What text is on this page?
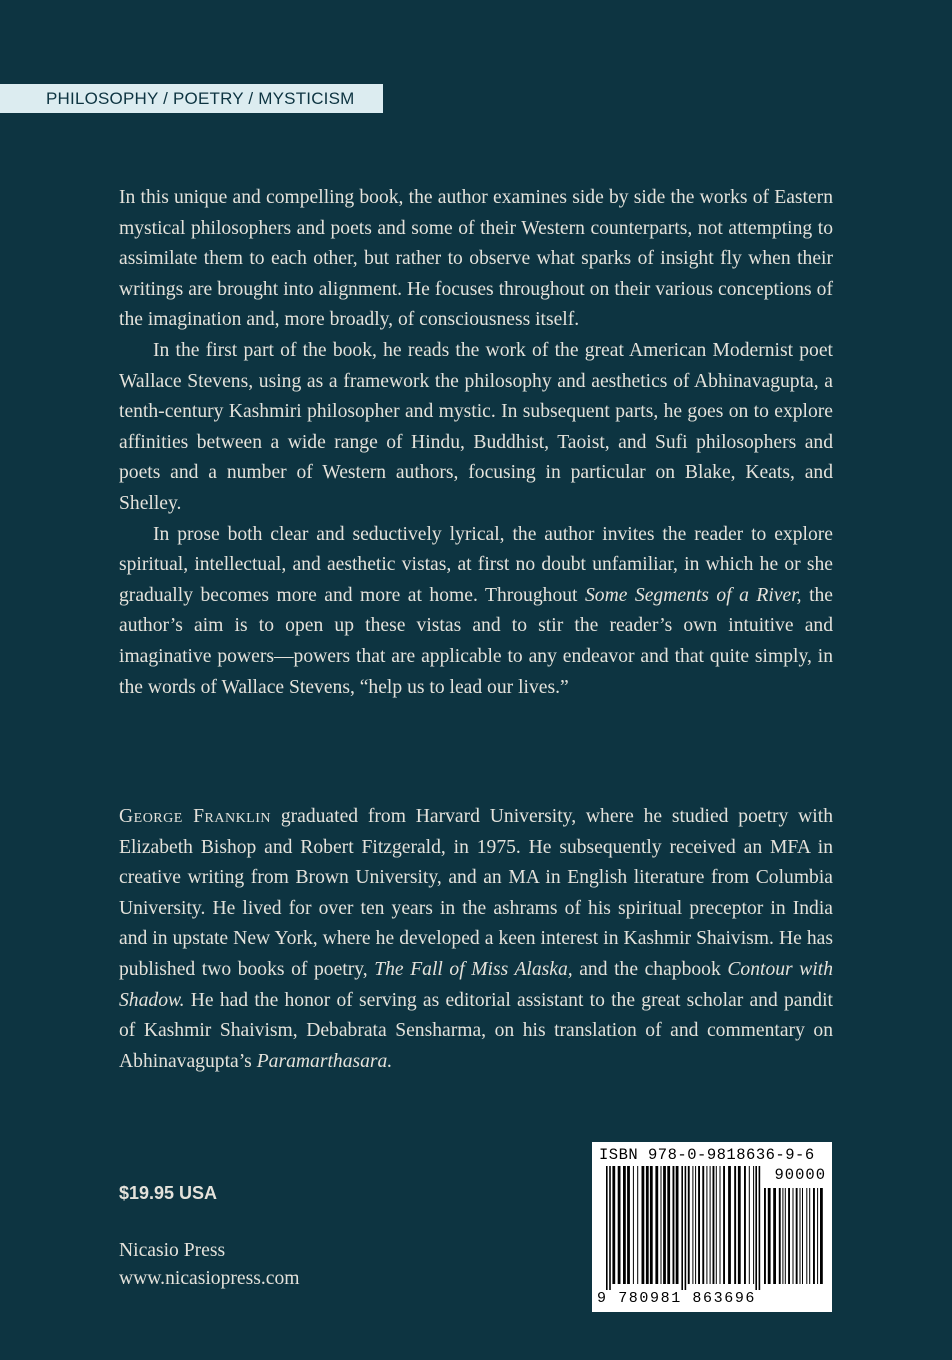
PHILOSOPHY / POETRY / MYSTICISM

In this unique and compelling book, the author examines side by side the works of Eastern mystical philosophers and poets and some of their Western counterparts, not attempting to assimilate them to each other, but rather to observe what sparks of insight fly when their writings are brought into alignment. He focuses throughout on their various conceptions of the imagination and, more broadly, of consciousness itself.

In the first part of the book, he reads the work of the great American Modernist poet Wallace Stevens, using as a framework the philosophy and aesthetics of Abhinavagupta, a tenth-century Kashmiri philosopher and mystic. In subsequent parts, he goes on to explore affinities between a wide range of Hindu, Buddhist, Taoist, and Sufi philosophers and poets and a number of Western authors, focusing in particular on Blake, Keats, and Shelley.

In prose both clear and seductively lyrical, the author invites the reader to explore spiritual, intellectual, and aesthetic vistas, at first no doubt unfamiliar, in which he or she gradually becomes more and more at home. Throughout Some Segments of a River, the author’s aim is to open up these vistas and to stir the reader’s own intuitive and imaginative powers—powers that are applicable to any endeavor and that quite simply, in the words of Wallace Stevens, “help us to lead our lives.”

George Franklin graduated from Harvard University, where he studied poetry with Elizabeth Bishop and Robert Fitzgerald, in 1975. He subsequently received an MFA in creative writing from Brown University, and an MA in English literature from Columbia University. He lived for over ten years in the ashrams of his spiritual preceptor in India and in upstate New York, where he developed a keen interest in Kashmir Shaivism. He has published two books of poetry, The Fall of Miss Alaska, and the chapbook Contour with Shadow. He had the honor of serving as editorial assistant to the great scholar and pandit of Kashmir Shaivism, Debabrata Sensharma, on his translation of and commentary on Abhinavagupta’s Paramarthasara.

$19.95 USA
Nicasio Press
www.nicasiopress.com
ISBN 978-0-9818636-9-6
90000
9 780981 863696
